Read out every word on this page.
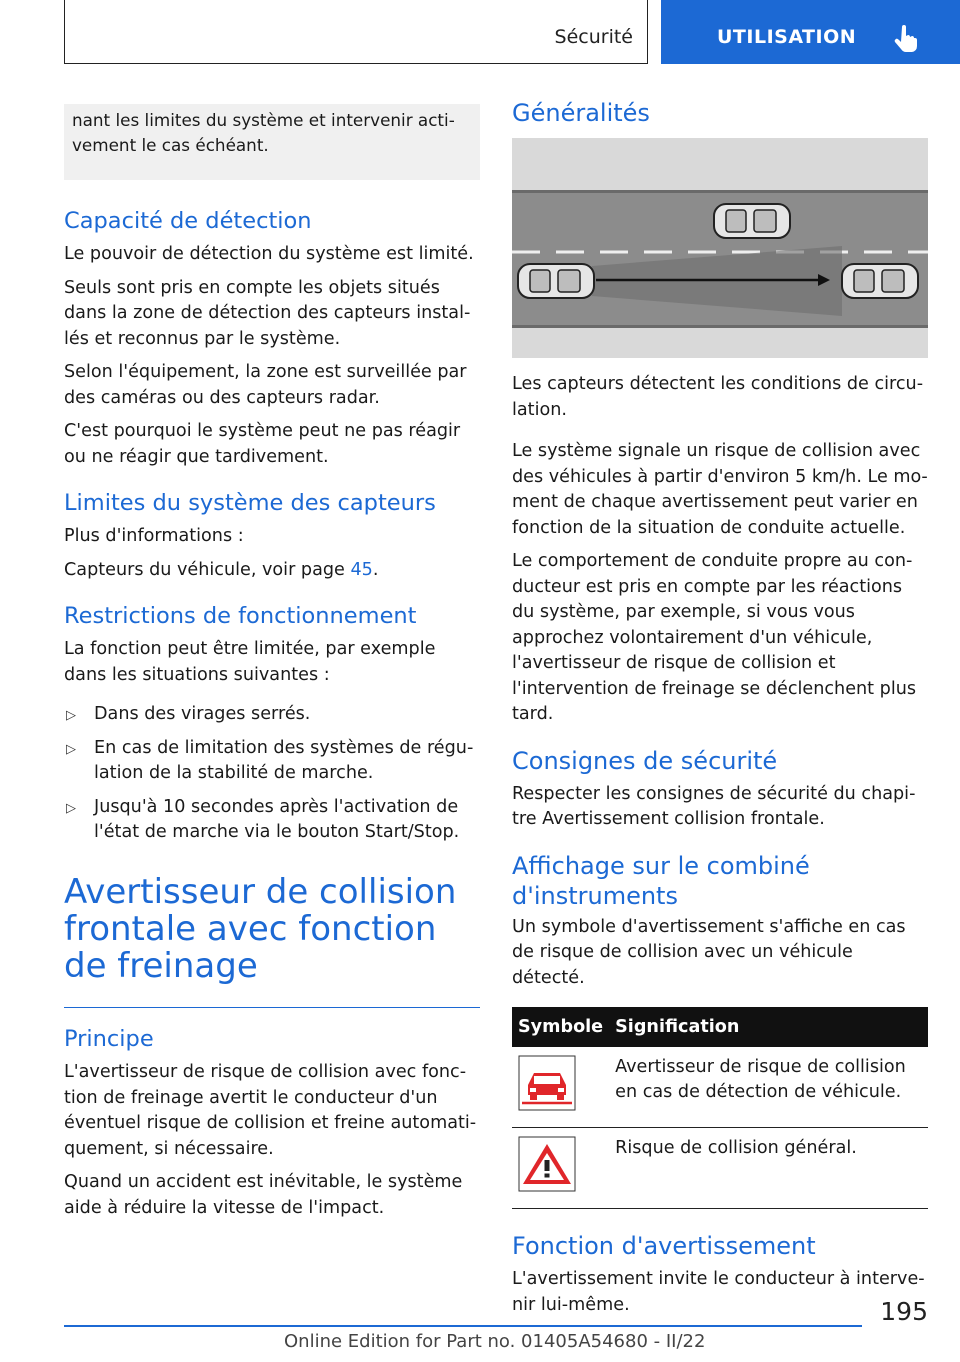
Sécurité	UTILISATION

nant les limites du système et intervenir activement le cas échéant.

Capacité de détection

Le pouvoir de détection du système est limité.

Seuls sont pris en compte les objets situés dans la zone de détection des capteurs installés et reconnus par le système.

Selon l'équipement, la zone est surveillée par des caméras ou des capteurs radar.

C'est pourquoi le système peut ne pas réagir ou ne réagir que tardivement.

Limites du système des capteurs

Plus d'informations :

Capteurs du véhicule, voir page 45.

Restrictions de fonctionnement

La fonction peut être limitée, par exemple dans les situations suivantes :

▷ Dans des virages serrés.
▷ En cas de limitation des systèmes de régulation de la stabilité de marche.
▷ Jusqu'à 10 secondes après l'activation de l'état de marche via le bouton Start/Stop.
Avertisseur de collision frontale avec fonction de freinage
Principe

L'avertisseur de risque de collision avec fonction de freinage avertit le conducteur d'un éventuel risque de collision et freine automatiquement, si nécessaire.

Quand un accident est inévitable, le système aide à réduire la vitesse de l'impact.

Généralités

Les capteurs détectent les conditions de circulation.

Le système signale un risque de collision avec des véhicules à partir d'environ 5 km/h. Le moment de chaque avertissement peut varier en fonction de la situation de conduite actuelle.

Le comportement de conduite propre au conducteur est pris en compte par les réactions du système, par exemple, si vous vous approchez volontairement d'un véhicule, l'avertisseur de risque de collision et l'intervention de freinage se déclenchent plus tard.

Consignes de sécurité

Respecter les consignes de sécurité du chapitre Avertissement collision frontale.

Affichage sur le combiné d'instruments

Un symbole d'avertissement s'affiche en cas de risque de collision avec un véhicule détecté.

Symbole	Signification
	Avertisseur de risque de collision en cas de détection de véhicule.
	Risque de collision général.
Fonction d'avertissement

L'avertissement invite le conducteur à intervenir lui-même.	195
Online Edition for Part no. 01405A54680 - II/22
